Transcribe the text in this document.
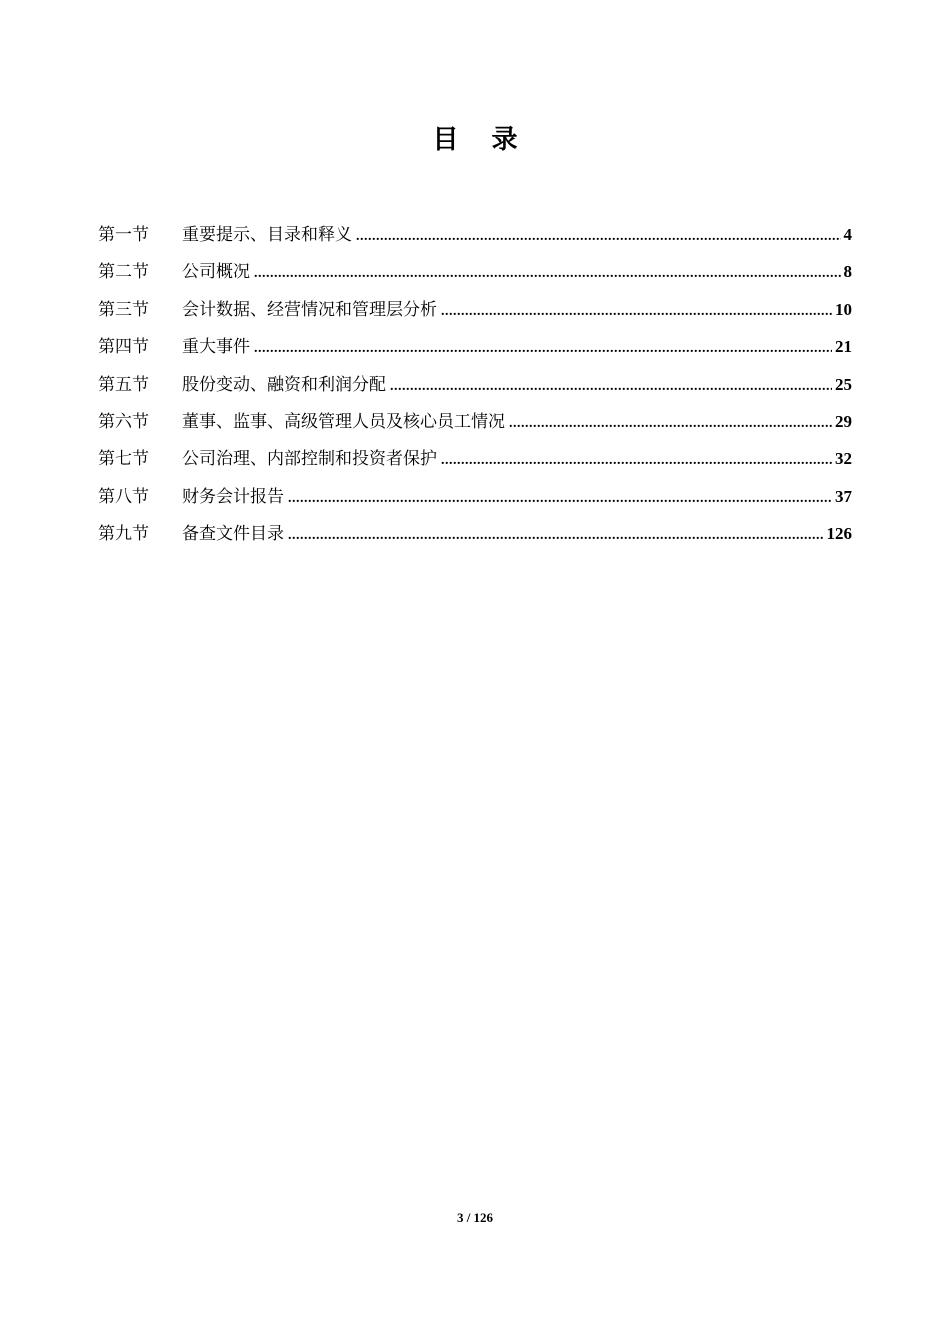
目 录
第一节	重要提示、目录和释义 .....	4
第二节	公司概况 .....	8
第三节	会计数据、经营情况和管理层分析 .....	10
第四节	重大事件 .....	21
第五节	股份变动、融资和利润分配 .....	25
第六节	董事、监事、高级管理人员及核心员工情况 .....	29
第七节	公司治理、内部控制和投资者保护 .....	32
第八节	财务会计报告 .....	37
第九节	备查文件目录 .....	126
3 / 126
